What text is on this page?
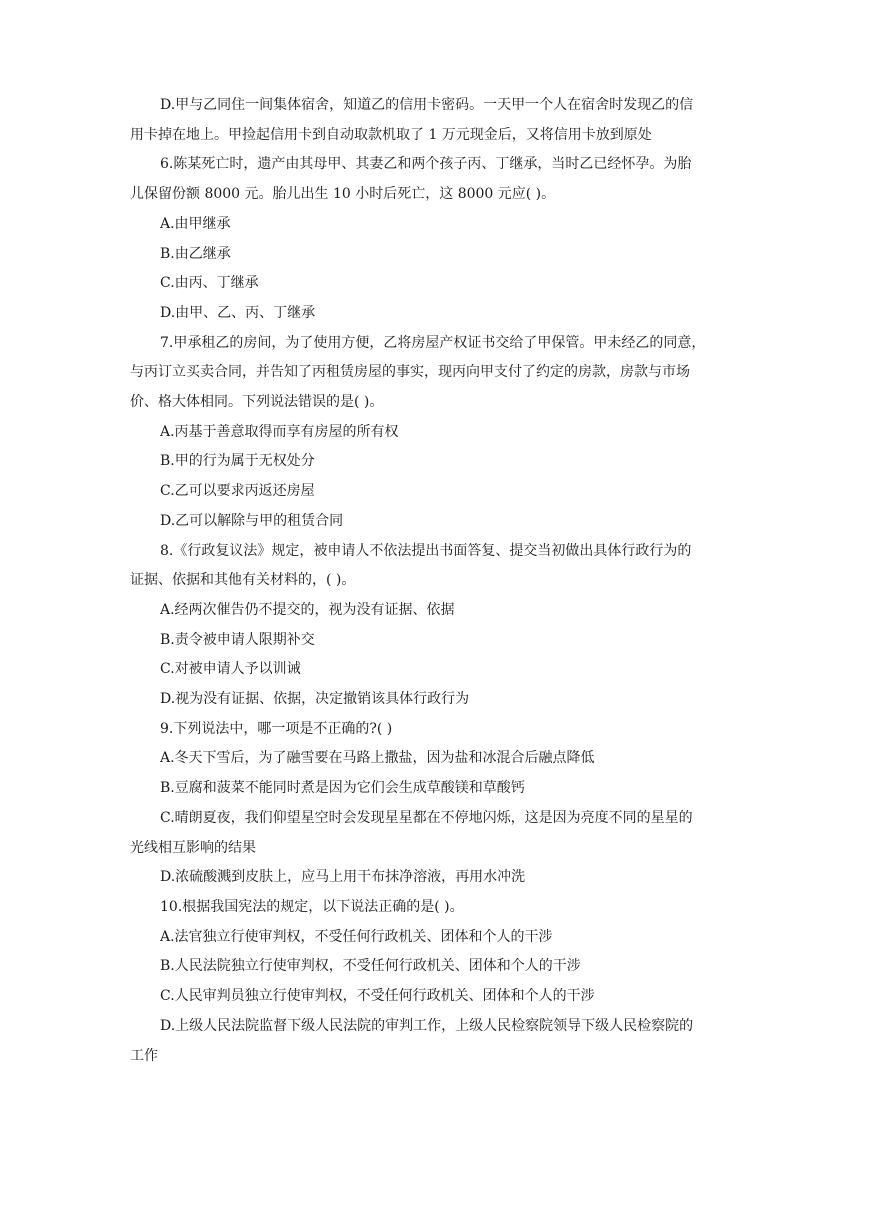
D.甲与乙同住一间集体宿舍，知道乙的信用卡密码。一天甲一个人在宿舍时发现乙的信

用卡掉在地上。甲捡起信用卡到自动取款机取了 1 万元现金后，又将信用卡放到原处

6.陈某死亡时，遗产由其母甲、其妻乙和两个孩子丙、丁继承，当时乙已经怀孕。为胎

儿保留份额 8000 元。胎儿出生 10 小时后死亡，这 8000 元应( )。

A.由甲继承

B.由乙继承

C.由丙、丁继承

D.由甲、乙、丙、丁继承

7.甲承租乙的房间，为了使用方便，乙将房屋产权证书交给了甲保管。甲未经乙的同意，

与丙订立买卖合同，并告知了丙租赁房屋的事实，现丙向甲支付了约定的房款，房款与市场

价、格大体相同。下列说法错误的是( )。

A.丙基于善意取得而享有房屋的所有权

B.甲的行为属于无权处分

C.乙可以要求丙返还房屋

D.乙可以解除与甲的租赁合同

8.《行政复议法》规定，被申请人不依法提出书面答复、提交当初做出具体行政行为的

证据、依据和其他有关材料的，( )。

A.经两次催告仍不提交的，视为没有证据、依据

B.责令被申请人限期补交

C.对被申请人予以训诫

D.视为没有证据、依据，决定撤销该具体行政行为

9.下列说法中，哪一项是不正确的?( )

A.冬天下雪后，为了融雪要在马路上撒盐，因为盐和冰混合后融点降低

B.豆腐和菠菜不能同时煮是因为它们会生成草酸镁和草酸钙

C.晴朗夏夜，我们仰望星空时会发现星星都在不停地闪烁，这是因为亮度不同的星星的

光线相互影响的结果

D.浓硫酸溅到皮肤上，应马上用干布抹净溶液，再用水冲洗

10.根据我国宪法的规定，以下说法正确的是( )。

A.法官独立行使审判权，不受任何行政机关、团体和个人的干涉

B.人民法院独立行使审判权，不受任何行政机关、团体和个人的干涉

C.人民审判员独立行使审判权，不受任何行政机关、团体和个人的干涉

D.上级人民法院监督下级人民法院的审判工作，上级人民检察院领导下级人民检察院的

工作
